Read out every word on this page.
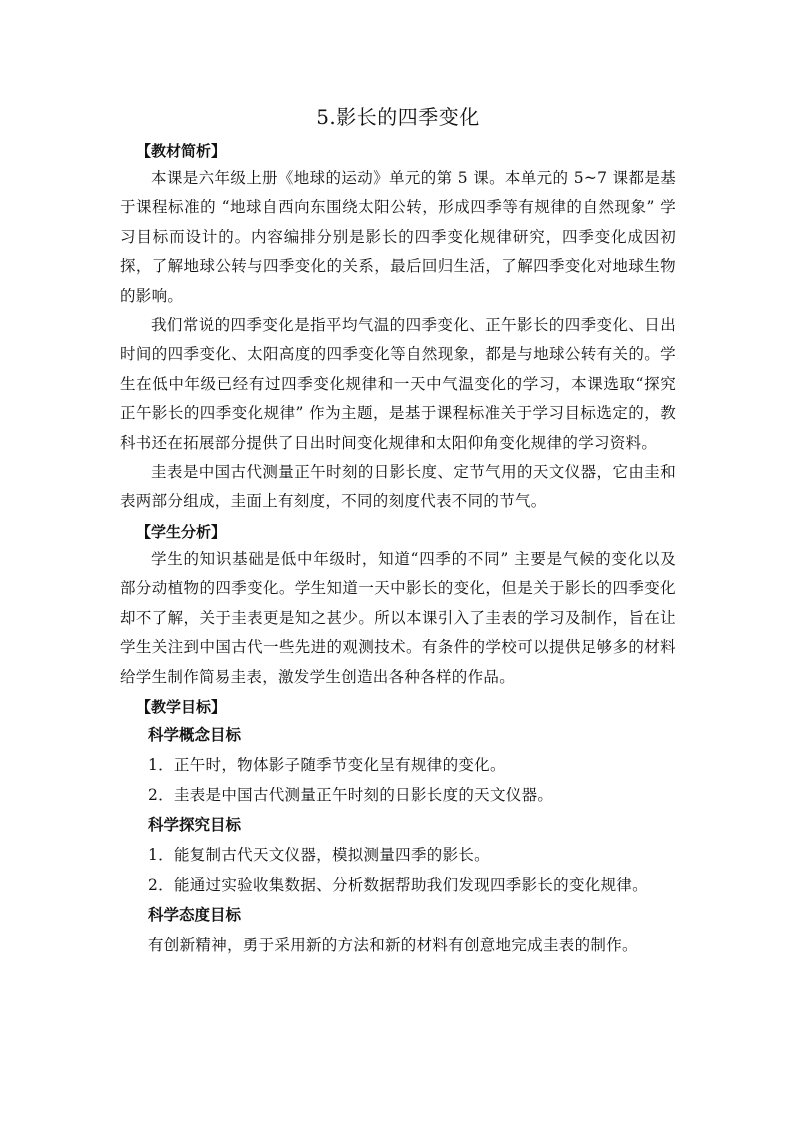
5.影长的四季变化
【教材简析】

本课是六年级上册《地球的运动》单元的第 5 课。本单元的 5~7 课都是基于课程标准的 “地球自西向东围绕太阳公转，形成四季等有规律的自然现象” 学习目标而设计的。内容编排分别是影长的四季变化规律研究，四季变化成因初探，了解地球公转与四季变化的关系，最后回归生活，了解四季变化对地球生物的影响。

我们常说的四季变化是指平均气温的四季变化、正午影长的四季变化、日出时间的四季变化、太阳高度的四季变化等自然现象，都是与地球公转有关的。学生在低中年级已经有过四季变化规律和一天中气温变化的学习，本课选取“探究正午影长的四季变化规律” 作为主题，是基于课程标准关于学习目标选定的，教科书还在拓展部分提供了日出时间变化规律和太阳仰角变化规律的学习资料。

圭表是中国古代测量正午时刻的日影长度、定节气用的天文仪器，它由圭和表两部分组成，圭面上有刻度，不同的刻度代表不同的节气。

【学生分析】

学生的知识基础是低中年级时，知道“四季的不同” 主要是气候的变化以及部分动植物的四季变化。学生知道一天中影长的变化，但是关于影长的四季变化却不了解，关于圭表更是知之甚少。所以本课引入了圭表的学习及制作，旨在让学生关注到中国古代一些先进的观测技术。有条件的学校可以提供足够多的材料给学生制作简易圭表，激发学生创造出各种各样的作品。

【教学目标】
科学概念目标

1．正午时，物体影子随季节变化呈有规律的变化。

2．圭表是中国古代测量正午时刻的日影长度的天文仪器。

科学探究目标

1．能复制古代天文仪器，模拟测量四季的影长。

2．能通过实验收集数据、分析数据帮助我们发现四季影长的变化规律。

科学态度目标

有创新精神，勇于采用新的方法和新的材料有创意地完成圭表的制作。
